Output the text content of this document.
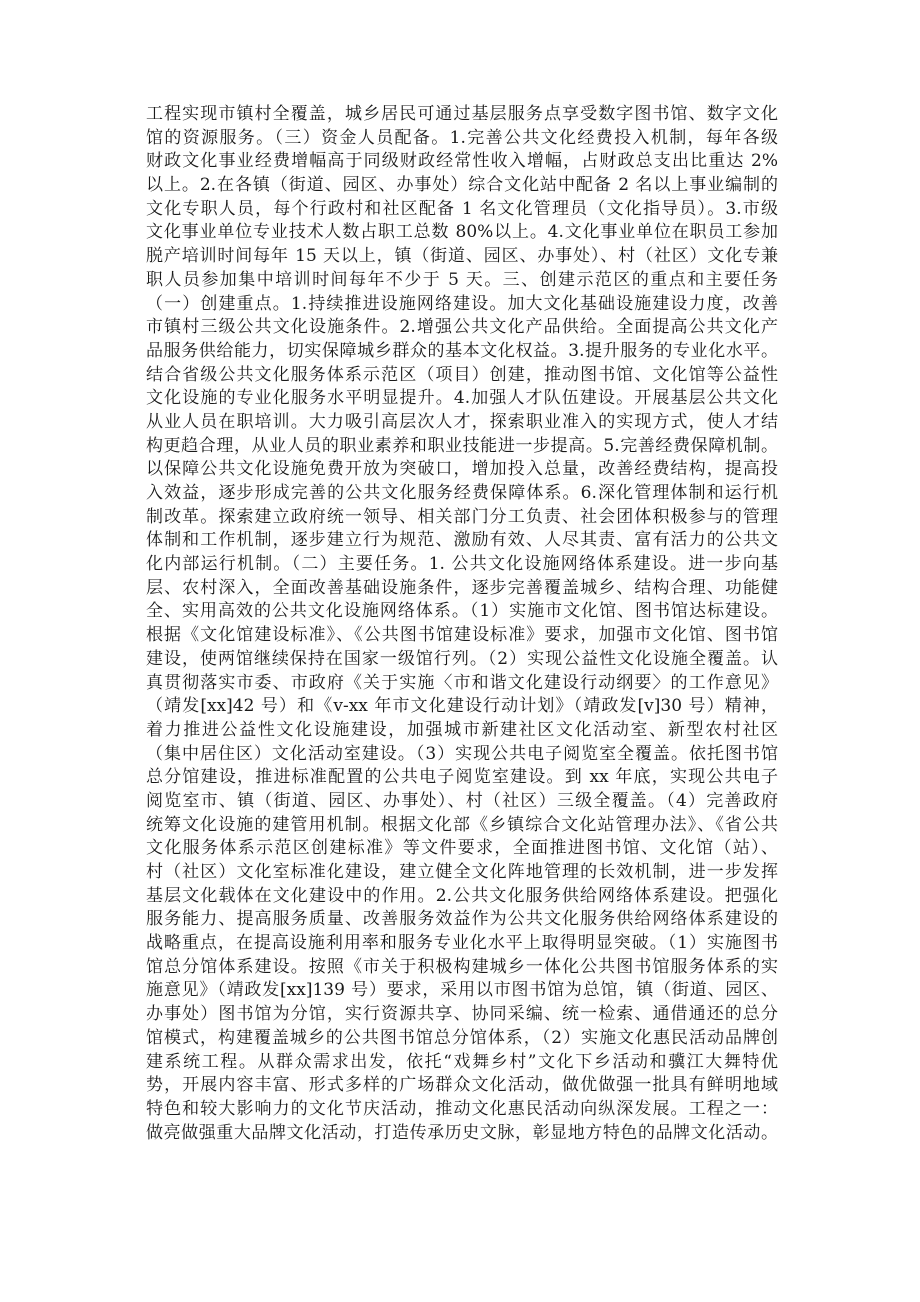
工程实现市镇村全覆盖，城乡居民可通过基层服务点享受数字图书馆、数字文化
馆的资源服务。（三）资金人员配备。1.完善公共文化经费投入机制，每年各级
财政文化事业经费增幅高于同级财政经常性收入增幅，占财政总支出比重达 2%
以上。2.在各镇（街道、园区、办事处）综合文化站中配备 2 名以上事业编制的
文化专职人员，每个行政村和社区配备 1 名文化管理员（文化指导员）。3.市级
文化事业单位专业技术人数占职工总数 80%以上。4.文化事业单位在职员工参加
脱产培训时间每年 15 天以上，镇（街道、园区、办事处）、村（社区）文化专兼
职人员参加集中培训时间每年不少于 5 天。三、创建示范区的重点和主要任务
（一）创建重点。1.持续推进设施网络建设。加大文化基础设施建设力度，改善
市镇村三级公共文化设施条件。2.增强公共文化产品供给。全面提高公共文化产
品服务供给能力，切实保障城乡群众的基本文化权益。3.提升服务的专业化水平。
结合省级公共文化服务体系示范区（项目）创建，推动图书馆、文化馆等公益性
文化设施的专业化服务水平明显提升。4.加强人才队伍建设。开展基层公共文化
从业人员在职培训。大力吸引高层次人才，探索职业准入的实现方式，使人才结
构更趋合理，从业人员的职业素养和职业技能进一步提高。5.完善经费保障机制。
以保障公共文化设施免费开放为突破口，增加投入总量，改善经费结构，提高投
入效益，逐步形成完善的公共文化服务经费保障体系。6.深化管理体制和运行机
制改革。探索建立政府统一领导、相关部门分工负责、社会团体积极参与的管理
体制和工作机制，逐步建立行为规范、激励有效、人尽其责、富有活力的公共文
化内部运行机制。（二）主要任务。1. 公共文化设施网络体系建设。进一步向基
层、农村深入，全面改善基础设施条件，逐步完善覆盖城乡、结构合理、功能健
全、实用高效的公共文化设施网络体系。（1）实施市文化馆、图书馆达标建设。
根据《文化馆建设标准》、《公共图书馆建设标准》要求，加强市文化馆、图书馆
建设，使两馆继续保持在国家一级馆行列。（2）实现公益性文化设施全覆盖。认
真贯彻落实市委、市政府《关于实施〈市和谐文化建设行动纲要〉的工作意见》
（靖发[xx]42 号）和《v-xx 年市文化建设行动计划》（靖政发[v]30 号）精神，
着力推进公益性文化设施建设，加强城市新建社区文化活动室、新型农村社区
（集中居住区）文化活动室建设。（3）实现公共电子阅览室全覆盖。依托图书馆
总分馆建设，推进标准配置的公共电子阅览室建设。到 xx 年底，实现公共电子
阅览室市、镇（街道、园区、办事处）、村（社区）三级全覆盖。（4）完善政府
统筹文化设施的建管用机制。根据文化部《乡镇综合文化站管理办法》、《省公共
文化服务体系示范区创建标准》等文件要求，全面推进图书馆、文化馆（站）、
村（社区）文化室标准化建设，建立健全文化阵地管理的长效机制，进一步发挥
基层文化载体在文化建设中的作用。2.公共文化服务供给网络体系建设。把强化
服务能力、提高服务质量、改善服务效益作为公共文化服务供给网络体系建设的
战略重点，在提高设施利用率和服务专业化水平上取得明显突破。（1）实施图书
馆总分馆体系建设。按照《市关于积极构建城乡一体化公共图书馆服务体系的实
施意见》（靖政发[xx]139 号）要求，采用以市图书馆为总馆，镇（街道、园区、
办事处）图书馆为分馆，实行资源共享、协同采编、统一检索、通借通还的总分
馆模式，构建覆盖城乡的公共图书馆总分馆体系，（2）实施文化惠民活动品牌创
建系统工程。从群众需求出发，依托“戏舞乡村”文化下乡活动和骥江大舞特优
势，开展内容丰富、形式多样的广场群众文化活动，做优做强一批具有鲜明地域
特色和较大影响力的文化节庆活动，推动文化惠民活动向纵深发展。工程之一：
做亮做强重大品牌文化活动，打造传承历史文脉，彰显地方特色的品牌文化活动。
